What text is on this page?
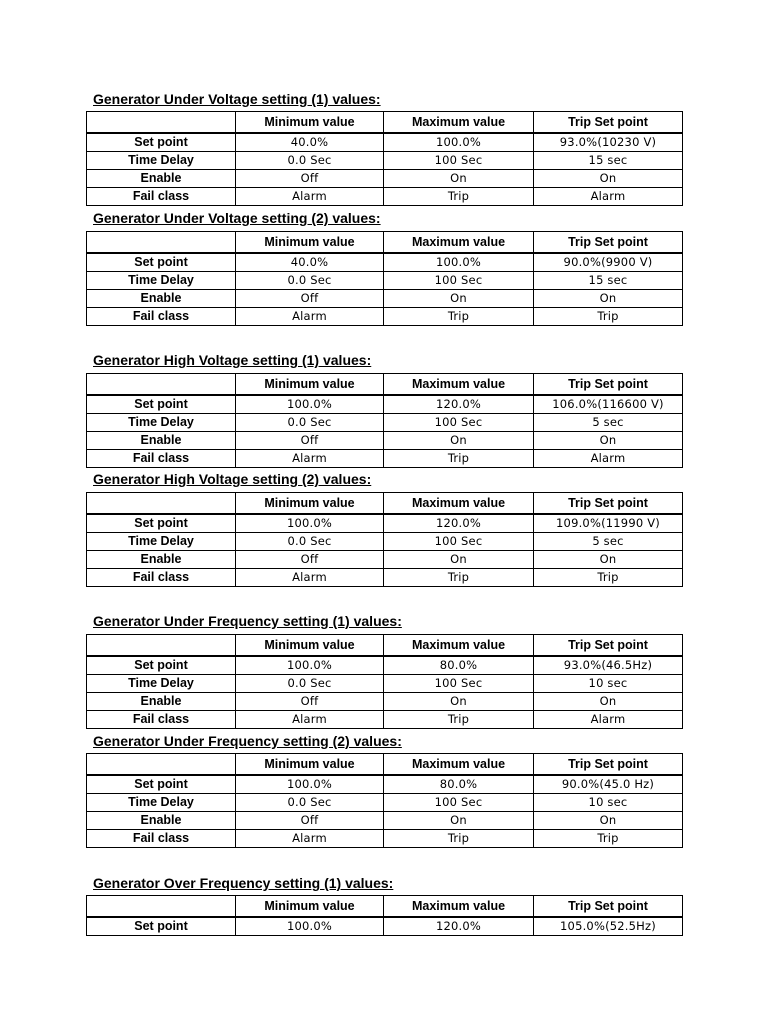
Generator Under Voltage setting (1) values:
	Minimum value	Maximum value	Trip Set point
Set point	40.0%	100.0%	93.0%(10230 V)
Time Delay	0.0 Sec	100 Sec	15 sec
Enable	Off	On	On
Fail class	Alarm	Trip	Alarm
Generator Under Voltage setting (2) values:
	Minimum value	Maximum value	Trip Set point
Set point	40.0%	100.0%	90.0%(9900 V)
Time Delay	0.0 Sec	100 Sec	15 sec
Enable	Off	On	On
Fail class	Alarm	Trip	Trip
Generator High Voltage setting (1) values:
	Minimum value	Maximum value	Trip Set point
Set point	100.0%	120.0%	106.0%(116600 V)
Time Delay	0.0 Sec	100 Sec	5 sec
Enable	Off	On	On
Fail class	Alarm	Trip	Alarm
Generator High Voltage setting (2) values:
	Minimum value	Maximum value	Trip Set point
Set point	100.0%	120.0%	109.0%(11990 V)
Time Delay	0.0 Sec	100 Sec	5 sec
Enable	Off	On	On
Fail class	Alarm	Trip	Trip
Generator Under Frequency setting (1) values:
	Minimum value	Maximum value	Trip Set point
Set point	100.0%	80.0%	93.0%(46.5Hz)
Time Delay	0.0 Sec	100 Sec	10 sec
Enable	Off	On	On
Fail class	Alarm	Trip	Alarm
Generator Under Frequency setting (2) values:
	Minimum value	Maximum value	Trip Set point
Set point	100.0%	80.0%	90.0%(45.0 Hz)
Time Delay	0.0 Sec	100 Sec	10 sec
Enable	Off	On	On
Fail class	Alarm	Trip	Trip
Generator Over Frequency setting (1) values:
	Minimum value	Maximum value	Trip Set point
Set point	100.0%	120.0%	105.0%(52.5Hz)
